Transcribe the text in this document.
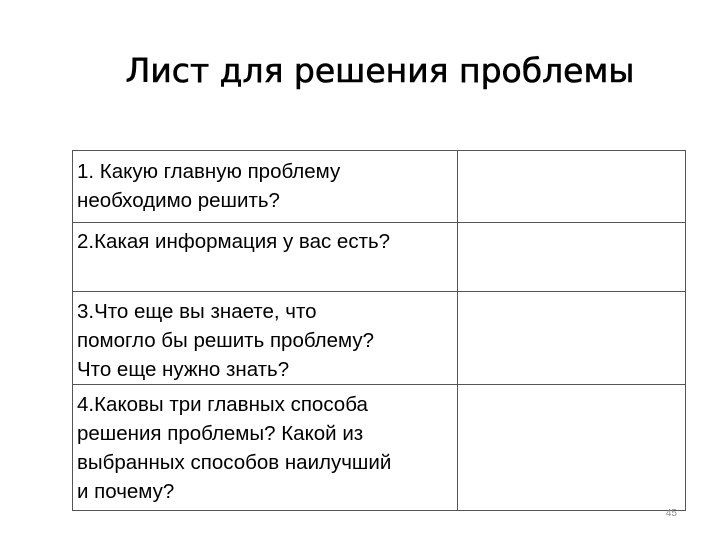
Лист для решения проблемы
1. Какую главную проблему
необходимо решить?	
2.Какая информация у вас есть?	
3.Что еще вы знаете, что
помогло бы решить проблему?
Что еще нужно знать?	
4.Каковы три главных способа
решения проблемы? Какой из
выбранных способов наилучший
и почему?	
45
